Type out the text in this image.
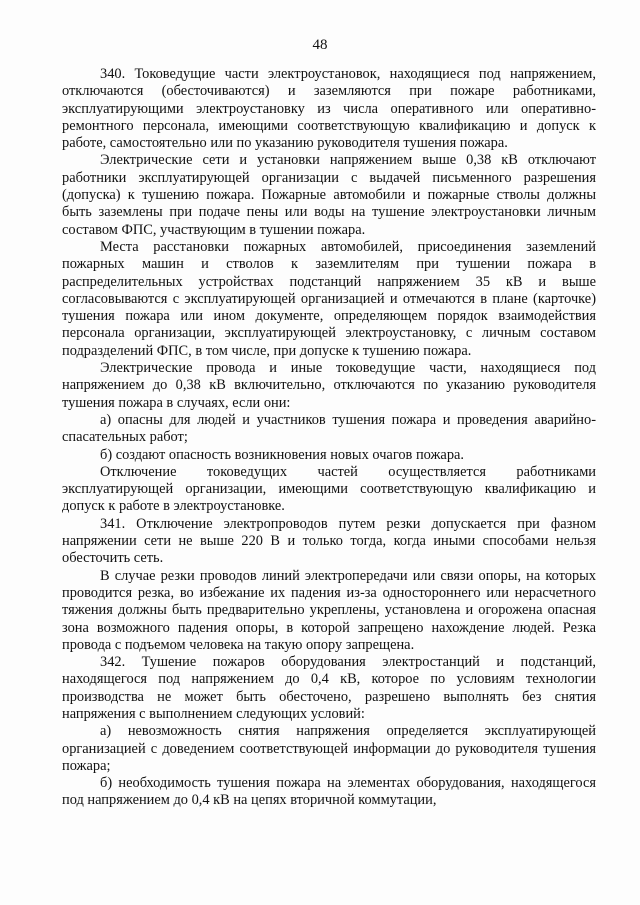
48

340. Токоведущие части электроустановок, находящиеся под напряжением, отключаются (обесточиваются) и заземляются при пожаре работниками, эксплуатирующими электроустановку из числа оперативного или оперативно-ремонтного персонала, имеющими соответствующую квалификацию и допуск к работе, самостоятельно или по указанию руководителя тушения пожара.

Электрические сети и установки напряжением выше 0,38 кВ отключают работники эксплуатирующей организации с выдачей письменного разрешения (допуска) к тушению пожара. Пожарные автомобили и пожарные стволы должны быть заземлены при подаче пены или воды на тушение электроустановки личным составом ФПС, участвующим в тушении пожара.

Места расстановки пожарных автомобилей, присоединения заземлений пожарных машин и стволов к заземлителям при тушении пожара в распределительных устройствах подстанций напряжением 35 кВ и выше согласовываются с эксплуатирующей организацией и отмечаются в плане (карточке) тушения пожара или ином документе, определяющем порядок взаимодействия персонала организации, эксплуатирующей электроустановку, с личным составом подразделений ФПС, в том числе, при допуске к тушению пожара.

Электрические провода и иные токоведущие части, находящиеся под напряжением до 0,38 кВ включительно, отключаются по указанию руководителя тушения пожара в случаях, если они:

а) опасны для людей и участников тушения пожара и проведения аварийно-спасательных работ;

б) создают опасность возникновения новых очагов пожара.

Отключение токоведущих частей осуществляется работниками эксплуатирующей организации, имеющими соответствующую квалификацию и допуск к работе в электроустановке.

341. Отключение электропроводов путем резки допускается при фазном напряжении сети не выше 220 В и только тогда, когда иными способами нельзя обесточить сеть.

В случае резки проводов линий электропередачи или связи опоры, на которых проводится резка, во избежание их падения из-за одностороннего или нерасчетного тяжения должны быть предварительно укреплены, установлена и огорожена опасная зона возможного падения опоры, в которой запрещено нахождение людей. Резка провода с подъемом человека на такую опору запрещена.

342. Тушение пожаров оборудования электростанций и подстанций, находящегося под напряжением до 0,4 кВ, которое по условиям технологии производства не может быть обесточено, разрешено выполнять без снятия напряжения с выполнением следующих условий:

а) невозможность снятия напряжения определяется эксплуатирующей организацией с доведением соответствующей информации до руководителя тушения пожара;

б) необходимость тушения пожара на элементах оборудования, находящегося под напряжением до 0,4 кВ на цепях вторичной коммутации,
